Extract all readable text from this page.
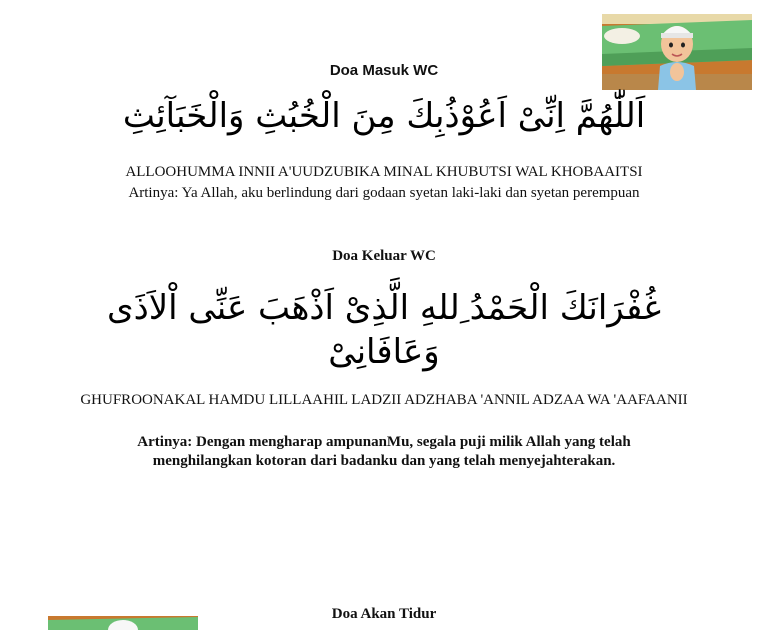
Doa Masuk WC
اَللّٰهُمَّ اِنِّىْ اَعُوْذُبِكَ مِنَ الْخُبُثِ وَالْخَبَآئِثِ
ALLOOHUMMA INNII A'UUDZUBIKA MINAL KHUBUTSI WAL KHOBAAITSI
Artinya: Ya Allah, aku berlindung dari godaan syetan laki-laki dan syetan perempuan
Doa Keluar WC
غُفْرَانَكَ الْحَمْدُ ِللهِ الَّذِىْ اَذْهَبَ عَنِّى اْلاَذَى وَعَافَانِىْ
GHUFROONAKAL HAMDU LILLAAHIL LADZII ADZHABA 'ANNIL ADZAA WA 'AAFAANII
Artinya: Dengan mengharap ampunanMu, segala puji milik Allah yang telah menghilangkan kotoran dari badanku dan yang telah menyejahterakan.
Doa Akan Tidur
